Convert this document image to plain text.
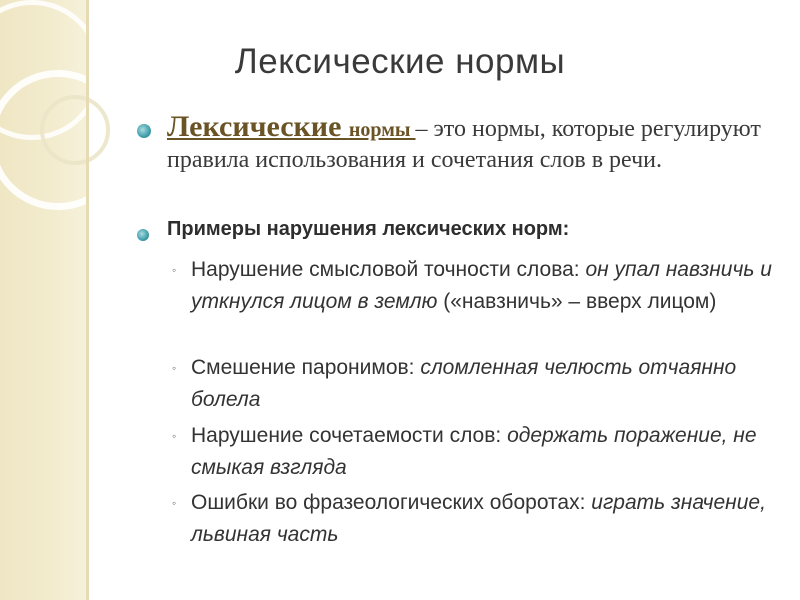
Лексические нормы
Лексические нормы – это нормы, которые регулируют правила использования и сочетания слов в речи.
Примеры нарушения лексических норм:
◦ Нарушение смысловой точности слова: он упал навзничь и уткнулся лицом в землю («навзничь» – вверх лицом)
◦ Смешение паронимов: сломленная челюсть отчаянно болела
◦ Нарушение сочетаемости слов: одержать поражение, не смыкая взгляда
◦ Ошибки во фразеологических оборотах: играть значение, львиная часть
